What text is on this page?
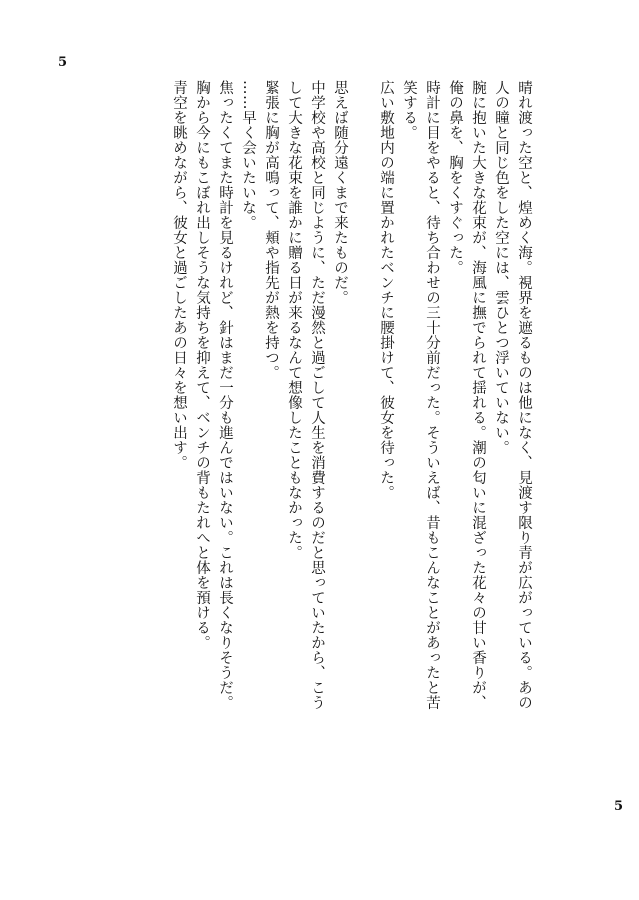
5
晴れ渡った空と、煌めく海。視界を遮るものは他になく、見渡す限り青が広がっている。あの
人の瞳と同じ色をした空には、雲ひとつ浮いていない。
腕に抱いた大きな花束が、海風に撫でられて揺れる。潮の匂いに混ざった花々の甘い香りが、
俺の鼻を、胸をくすぐった。
時計に目をやると、待ち合わせの三十分前だった。そういえば、昔もこんなことがあったと苦
笑する。
広い敷地内の端に置かれたベンチに腰掛けて、彼女を待った。
思えば随分遠くまで来たものだ。
中学校や高校と同じように、ただ漫然と過ごして人生を消費するのだと思っていたから、こう
して大きな花束を誰かに贈る日が来るなんて想像したこともなかった。
緊張に胸が高鳴って、頬や指先が熱を持つ。
……早く会いたいな。
焦ったくてまた時計を見るけれど、針はまだ一分も進んではいない。これは長くなりそうだ。
胸から今にもこぼれ出しそうな気持ちを抑えて、ベンチの背もたれへと体を預ける。
青空を眺めながら、彼女と過ごしたあの日々を想い出す。
5
